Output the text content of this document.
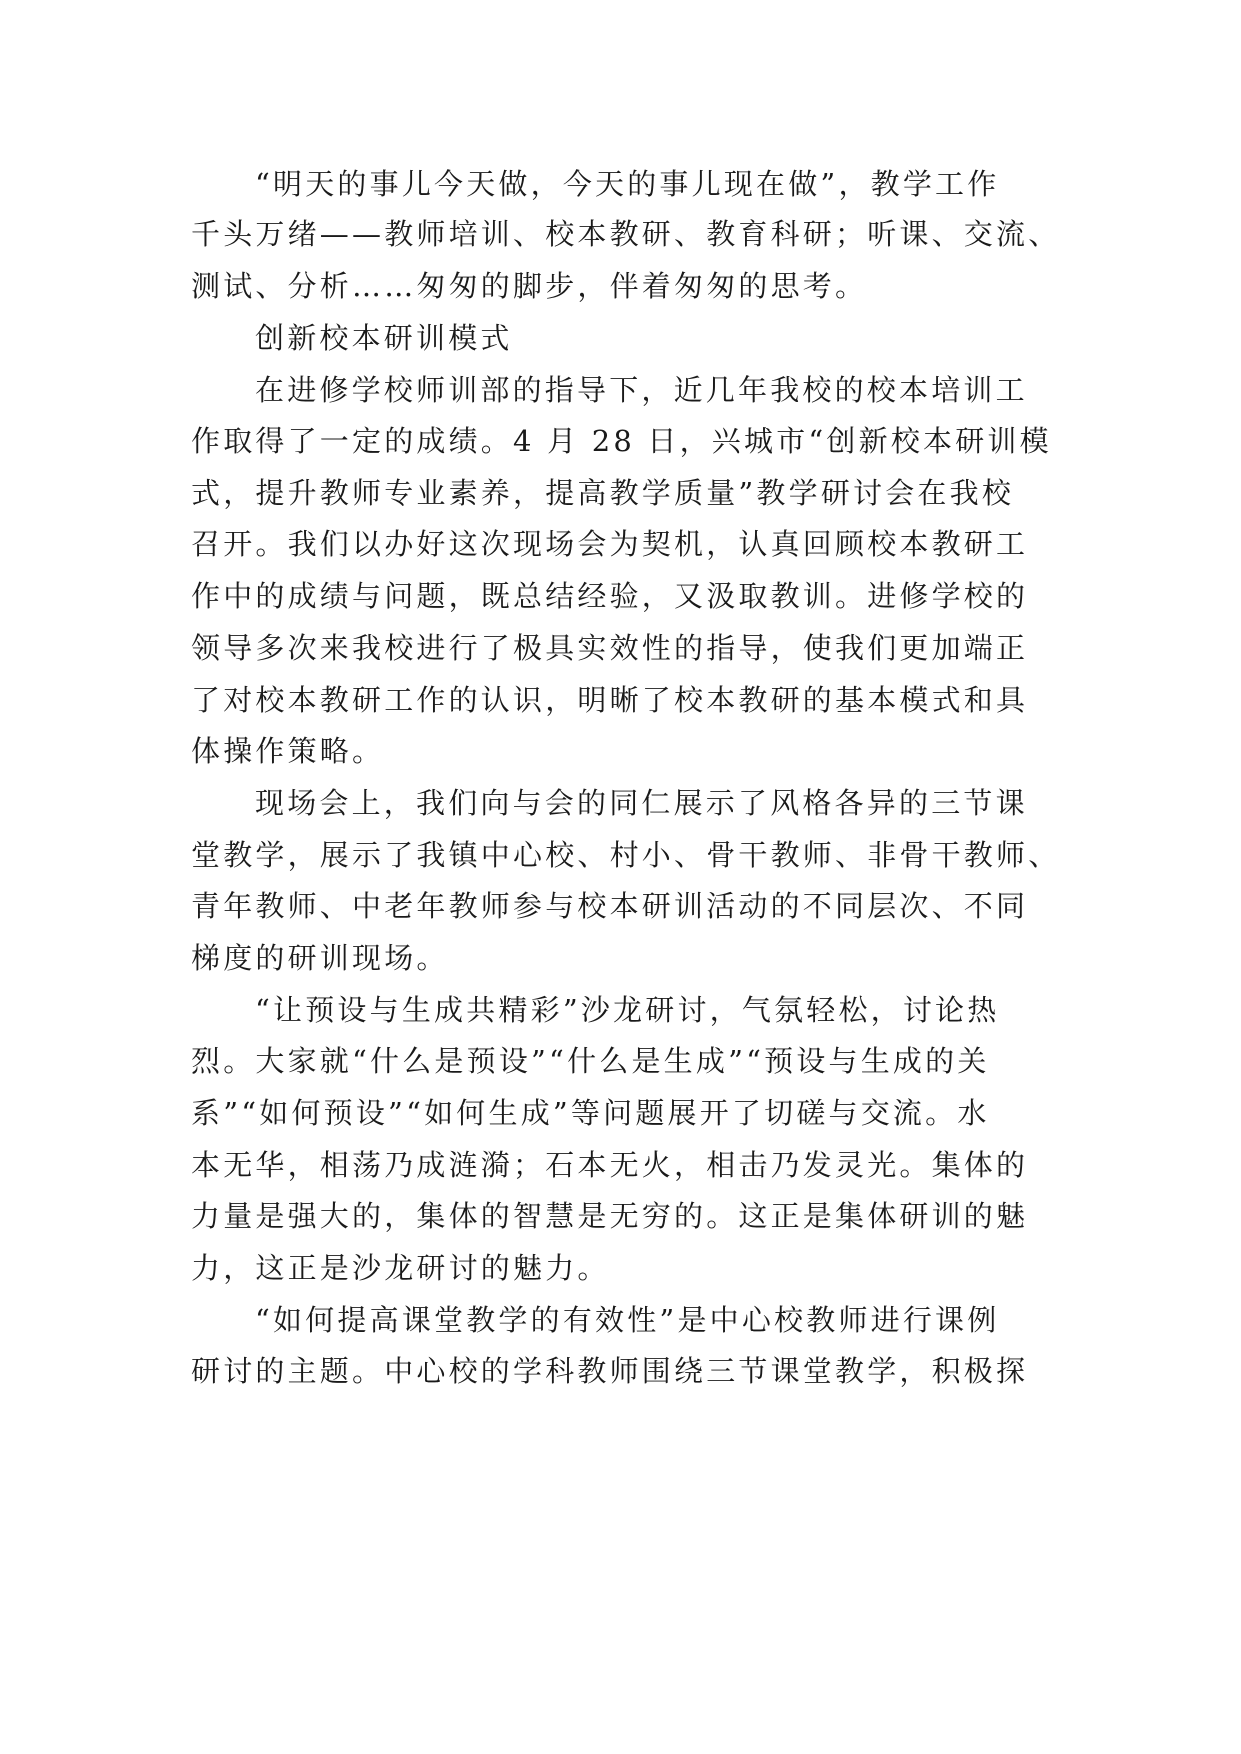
“明天的事儿今天做，今天的事儿现在做”，教学工作
千头万绪——教师培训、校本教研、教育科研；听课、交流、
测试、分析……匆匆的脚步，伴着匆匆的思考。
创新校本研训模式
在进修学校师训部的指导下，近几年我校的校本培训工
作取得了一定的成绩。4 月 28 日，兴城市“创新校本研训模
式，提升教师专业素养，提高教学质量”教学研讨会在我校
召开。我们以办好这次现场会为契机，认真回顾校本教研工
作中的成绩与问题，既总结经验，又汲取教训。进修学校的
领导多次来我校进行了极具实效性的指导，使我们更加端正
了对校本教研工作的认识，明晰了校本教研的基本模式和具
体操作策略。
现场会上，我们向与会的同仁展示了风格各异的三节课
堂教学，展示了我镇中心校、村小、骨干教师、非骨干教师、
青年教师、中老年教师参与校本研训活动的不同层次、不同
梯度的研训现场。
“让预设与生成共精彩”沙龙研讨，气氛轻松，讨论热
烈。大家就“什么是预设”“什么是生成”“预设与生成的关
系”“如何预设”“如何生成”等问题展开了切磋与交流。水
本无华，相荡乃成涟漪；石本无火，相击乃发灵光。集体的
力量是强大的，集体的智慧是无穷的。这正是集体研训的魅
力，这正是沙龙研讨的魅力。
“如何提高课堂教学的有效性”是中心校教师进行课例
研讨的主题。中心校的学科教师围绕三节课堂教学，积极探
